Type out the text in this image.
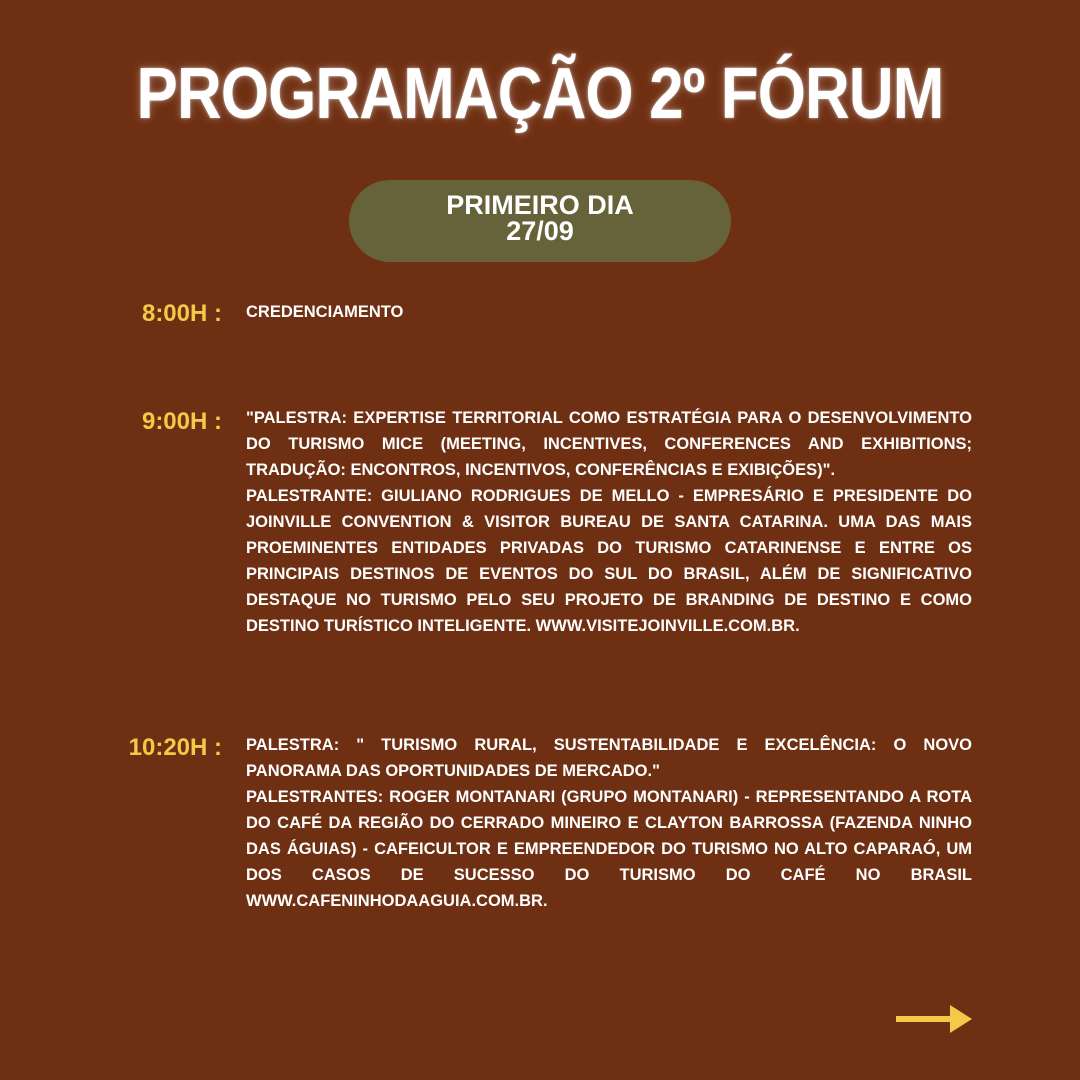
PROGRAMAÇÃO 2º FÓRUM
PRIMEIRO DIA
27/09
8:00H : CREDENCIAMENTO

9:00H : "PALESTRA: EXPERTISE TERRITORIAL COMO ESTRATÉGIA PARA O DESENVOLVIMENTO DO TURISMO MICE (MEETING, INCENTIVES, CONFERENCES AND EXHIBITIONS; TRADUÇÃO: ENCONTROS, INCENTIVOS, CONFERÊNCIAS E EXIBIÇÕES)".

PALESTRANTE: GIULIANO RODRIGUES DE MELLO - EMPRESÁRIO E PRESIDENTE DO JOINVILLE CONVENTION & VISITOR BUREAU DE SANTA CATARINA. UMA DAS MAIS PROEMINENTES ENTIDADES PRIVADAS DO TURISMO CATARINENSE E ENTRE OS PRINCIPAIS DESTINOS DE EVENTOS DO SUL DO BRASIL, ALÉM DE SIGNIFICATIVO DESTAQUE NO TURISMO PELO SEU PROJETO DE BRANDING DE DESTINO E COMO DESTINO TURÍSTICO INTELIGENTE. WWW.VISITEJOINVILLE.COM.BR.

10:20H : PALESTRA: " TURISMO RURAL, SUSTENTABILIDADE E EXCELÊNCIA: O NOVO PANORAMA DAS OPORTUNIDADES DE MERCADO."

PALESTRANTES: ROGER MONTANARI (GRUPO MONTANARI) - REPRESENTANDO A ROTA DO CAFÉ DA REGIÃO DO CERRADO MINEIRO E CLAYTON BARROSSA (FAZENDA NINHO DAS ÁGUIAS) - CAFEICULTOR E EMPREENDEDOR DO TURISMO NO ALTO CAPARAÓ, UM DOS CASOS DE SUCESSO DO TURISMO DO CAFÉ NO BRASIL WWW.CAFENINHODAAGUIA.COM.BR.
